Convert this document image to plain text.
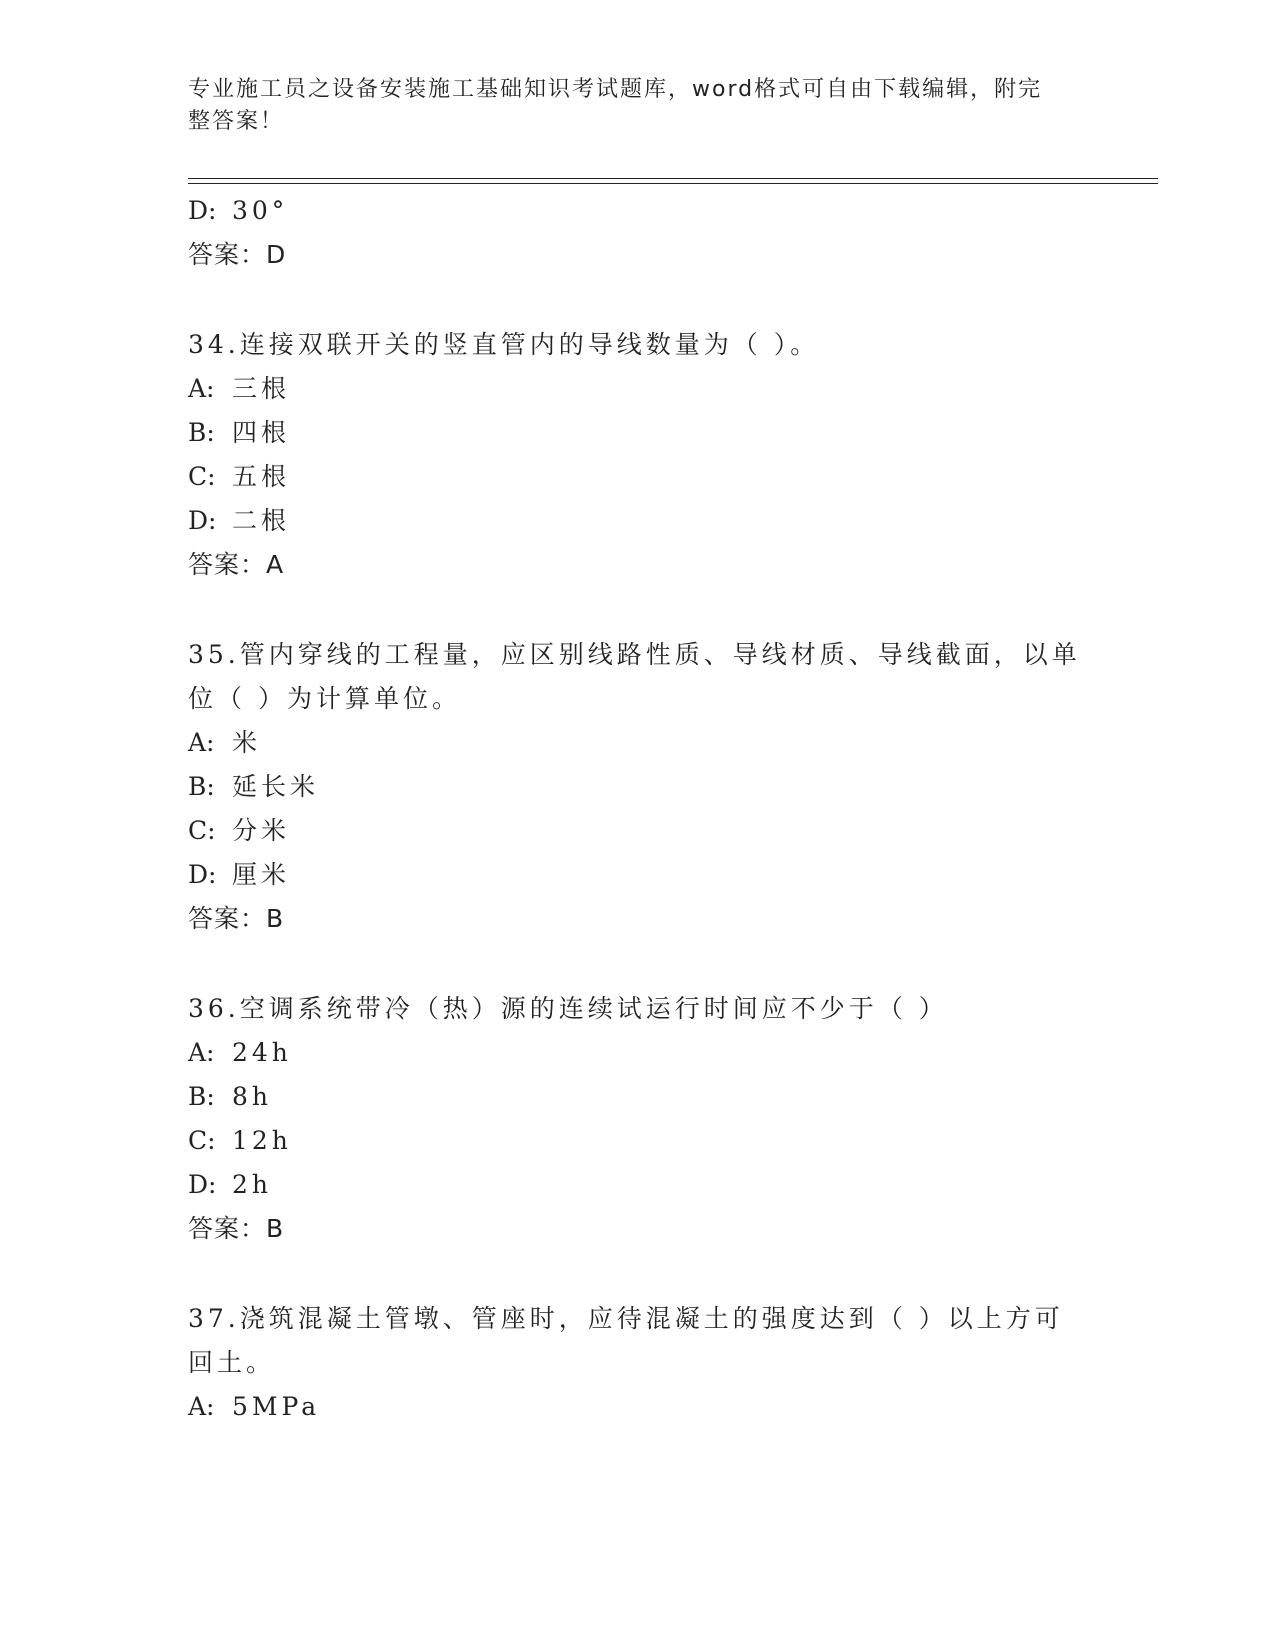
专业施工员之设备安装施工基础知识考试题库，word格式可自由下载编辑，附完
整答案！
D: 30°
答案：D
34.连接双联开关的竖直管内的导线数量为（ ）。
A: 三根
B: 四根
C: 五根
D: 二根
答案：A
35.管内穿线的工程量，应区别线路性质、导线材质、导线截面，以单
位（ ）为计算单位。
A: 米
B: 延长米
C: 分米
D: 厘米
答案：B
36.空调系统带冷（热）源的连续试运行时间应不少于（ ）
A: 24h
B: 8h
C: 12h
D: 2h
答案：B
37.浇筑混凝土管墩、管座时，应待混凝土的强度达到（ ）以上方可
回土。
A: 5MPa
